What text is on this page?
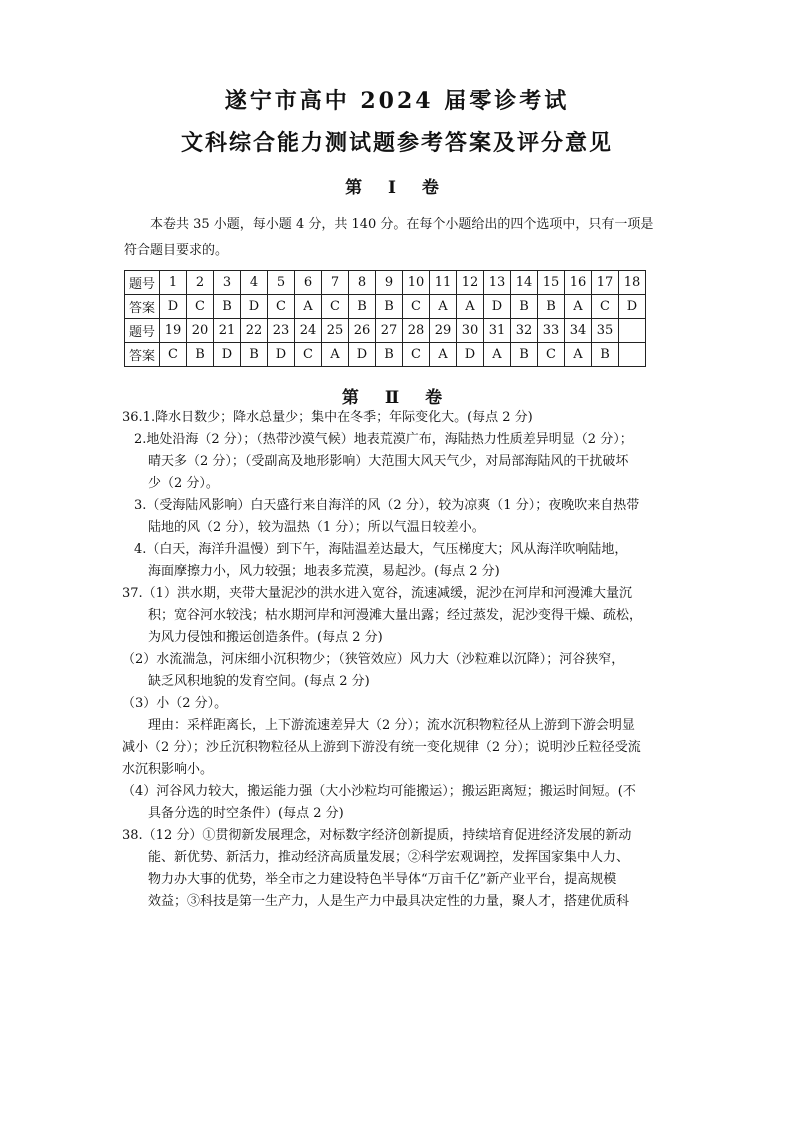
遂宁市高中 2024 届零诊考试
文科综合能力测试题参考答案及评分意见
第 Ⅰ 卷
本卷共 35 小题，每小题 4 分，共 140 分。在每个小题给出的四个选项中，只有一项是符合题目要求的。
题号	1	2	3	4	5	6	7	8	9	10	11	12	13	14	15	16	17	18
答案	D	C	B	D	C	A	C	B	B	C	A	A	D	B	B	A	C	D
题号	19	20	21	22	23	24	25	26	27	28	29	30	31	32	33	34	35	
答案	C	B	D	B	D	C	A	D	B	C	A	D	A	B	C	A	B	
第 Ⅱ 卷
36.1.降水日数少；降水总量少；集中在冬季；年际变化大。(每点 2 分)
2.地处沿海（2 分）；（热带沙漠气候）地表荒漠广布，海陆热力性质差异明显（2 分）；
晴天多（2 分）；（受副高及地形影响）大范围大风天气少，对局部海陆风的干扰破坏
少（2 分）。
3.（受海陆风影响）白天盛行来自海洋的风（2 分），较为凉爽（1 分）；夜晚吹来自热带
陆地的风（2 分），较为温热（1 分）；所以气温日较差小。
4.（白天，海洋升温慢）到下午，海陆温差达最大，气压梯度大；风从海洋吹响陆地，
海面摩擦力小，风力较强；地表多荒漠，易起沙。(每点 2 分)
37.（1）洪水期，夹带大量泥沙的洪水进入宽谷，流速减缓，泥沙在河岸和河漫滩大量沉
积；宽谷河水较浅；枯水期河岸和河漫滩大量出露；经过蒸发，泥沙变得干燥、疏松，
为风力侵蚀和搬运创造条件。(每点 2 分)
（2）水流湍急，河床细小沉积物少；（狭管效应）风力大（沙粒难以沉降）；河谷狭窄，
缺乏风积地貌的发育空间。(每点 2 分)
（3）小（2 分）。
理由：采样距离长，上下游流速差异大（2 分）；流水沉积物粒径从上游到下游会明显
减小（2 分）；沙丘沉积物粒径从上游到下游没有统一变化规律（2 分）；说明沙丘粒径受流
水沉积影响小。
（4）河谷风力较大，搬运能力强（大小沙粒均可能搬运）；搬运距离短；搬运时间短。(不
具备分选的时空条件）(每点 2 分)
38.（12 分）①贯彻新发展理念，对标数字经济创新提质，持续培育促进经济发展的新动
能、新优势、新活力，推动经济高质量发展；②科学宏观调控，发挥国家集中人力、
物力办大事的优势，举全市之力建设特色半导体“万亩千亿”新产业平台，提高规模
效益；③科技是第一生产力，人是生产力中最具决定性的力量，聚人才，搭建优质科
